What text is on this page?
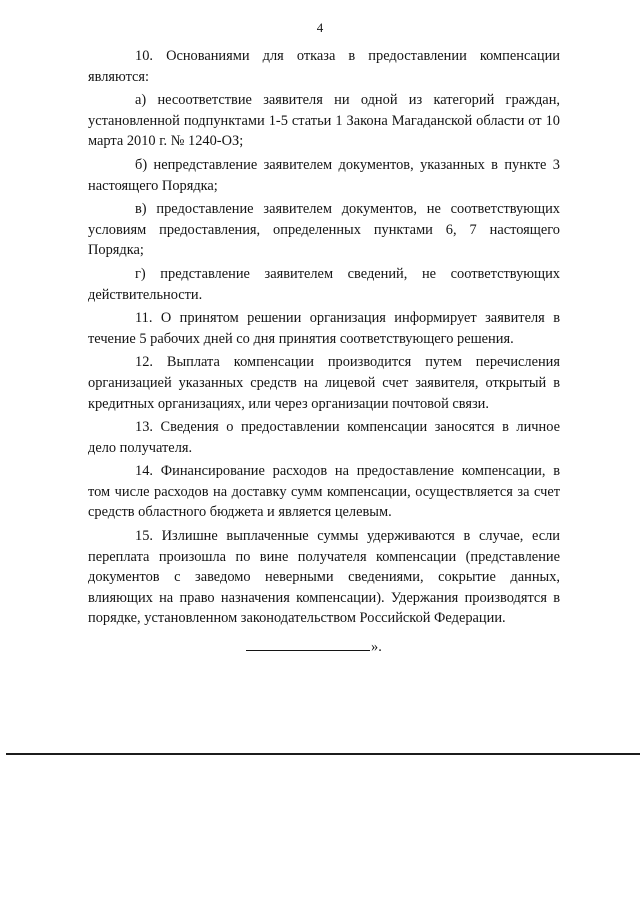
4

10. Основаниями для отказа в предоставлении компенсации являются:

а) несоответствие заявителя ни одной из категорий граждан, установленной подпунктами 1-5 статьи 1 Закона Магаданской области от 10 марта 2010 г. № 1240-ОЗ;

б) непредставление заявителем документов, указанных в пункте 3 настоящего Порядка;

в) предоставление заявителем документов, не соответствующих условиям предоставления, определенных пунктами 6, 7 настоящего Порядка;

г) представление заявителем сведений, не соответствующих действительности.

11. О принятом решении организация информирует заявителя в течение 5 рабочих дней со дня принятия соответствующего решения.

12. Выплата компенсации производится путем перечисления организацией указанных средств на лицевой счет заявителя, открытый в кредитных организациях, или через организации почтовой связи.

13. Сведения о предоставлении компенсации заносятся в личное дело получателя.

14. Финансирование расходов на предоставление компенсации, в том числе расходов на доставку сумм компенсации, осуществляется за счет средств областного бюджета и является целевым.

15. Излишне выплаченные суммы удерживаются в случае, если переплата произошла по вине получателя компенсации (представление документов с заведомо неверными сведениями, сокрытие данных, влияющих на право назначения компенсации). Удержания производятся в порядке, установленном законодательством Российской Федерации.

».
